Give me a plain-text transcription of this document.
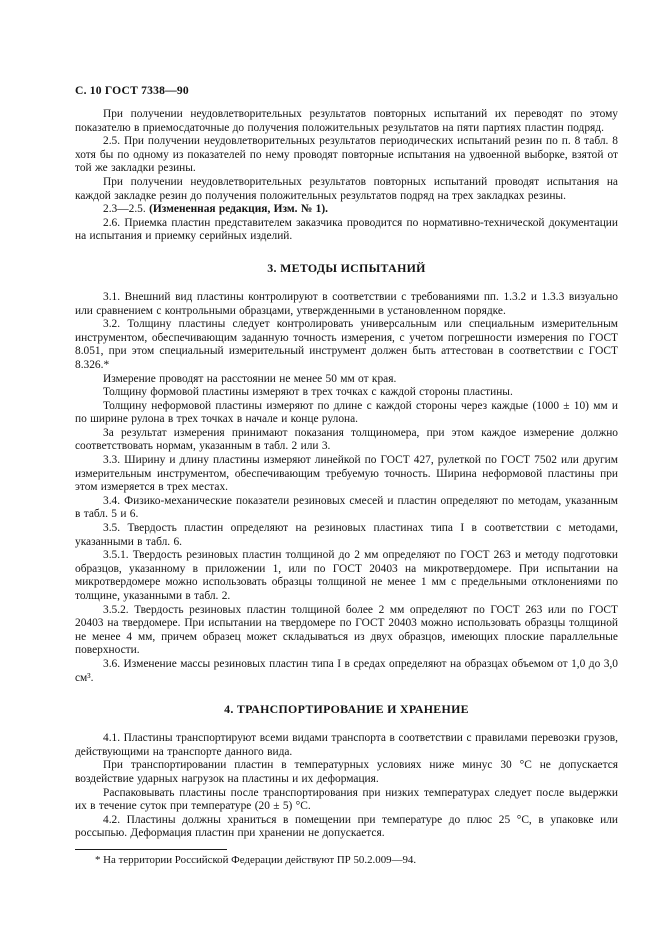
С. 10 ГОСТ 7338—90

При получении неудовлетворительных результатов повторных испытаний их переводят по этому показателю в приемосдаточные до получения положительных результатов на пяти партиях пластин подряд.

2.5. При получении неудовлетворительных результатов периодических испытаний резин по п. 8 табл. 8 хотя бы по одному из показателей по нему проводят повторные испытания на удвоенной выборке, взятой от той же закладки резины.

При получении неудовлетворительных результатов повторных испытаний проводят испытания на каждой закладке резин до получения положительных результатов подряд на трех закладках резины.

2.3—2.5. (Измененная редакция, Изм. № 1).

2.6. Приемка пластин представителем заказчика проводится по нормативно-технической документации на испытания и приемку серийных изделий.

3. МЕТОДЫ ИСПЫТАНИЙ

3.1. Внешний вид пластины контролируют в соответствии с требованиями пп. 1.3.2 и 1.3.3 визуально или сравнением с контрольными образцами, утвержденными в установленном порядке.

3.2. Толщину пластины следует контролировать универсальным или специальным измерительным инструментом, обеспечивающим заданную точность измерения, с учетом погрешности измерения по ГОСТ 8.051, при этом специальный измерительный инструмент должен быть аттестован в соответствии с ГОСТ 8.326.*

Измерение проводят на расстоянии не менее 50 мм от края.

Толщину формовой пластины измеряют в трех точках с каждой стороны пластины.

Толщину неформовой пластины измеряют по длине с каждой стороны через каждые (1000 ± 10) мм и по ширине рулона в трех точках в начале и конце рулона.

За результат измерения принимают показания толщиномера, при этом каждое измерение должно соответствовать нормам, указанным в табл. 2 или 3.

3.3. Ширину и длину пластины измеряют линейкой по ГОСТ 427, рулеткой по ГОСТ 7502 или другим измерительным инструментом, обеспечивающим требуемую точность. Ширина неформовой пластины при этом измеряется в трех местах.

3.4. Физико-механические показатели резиновых смесей и пластин определяют по методам, указанным в табл. 5 и 6.

3.5. Твердость пластин определяют на резиновых пластинах типа I в соответствии с методами, указанными в табл. 6.

3.5.1. Твердость резиновых пластин толщиной до 2 мм определяют по ГОСТ 263 и методу подготовки образцов, указанному в приложении 1, или по ГОСТ 20403 на микротвердомере. При испытании на микротвердомере можно использовать образцы толщиной не менее 1 мм с предельными отклонениями по толщине, указанными в табл. 2.

3.5.2. Твердость резиновых пластин толщиной более 2 мм определяют по ГОСТ 263 или по ГОСТ 20403 на твердомере. При испытании на твердомере по ГОСТ 20403 можно использовать образцы толщиной не менее 4 мм, причем образец может складываться из двух образцов, имеющих плоские параллельные поверхности.

3.6. Изменение массы резиновых пластин типа I в средах определяют на образцах объемом от 1,0 до 3,0 см³.

4. ТРАНСПОРТИРОВАНИЕ И ХРАНЕНИЕ

4.1. Пластины транспортируют всеми видами транспорта в соответствии с правилами перевозки грузов, действующими на транспорте данного вида.

При транспортировании пластин в температурных условиях ниже минус 30 °С не допускается воздействие ударных нагрузок на пластины и их деформация.

Распаковывать пластины после транспортирования при низких температурах следует после выдержки их в течение суток при температуре (20 ± 5) °С.

4.2. Пластины должны храниться в помещении при температуре до плюс 25 °С, в упаковке или россыпью. Деформация пластин при хранении не допускается.

* На территории Российской Федерации действуют ПР 50.2.009—94.
